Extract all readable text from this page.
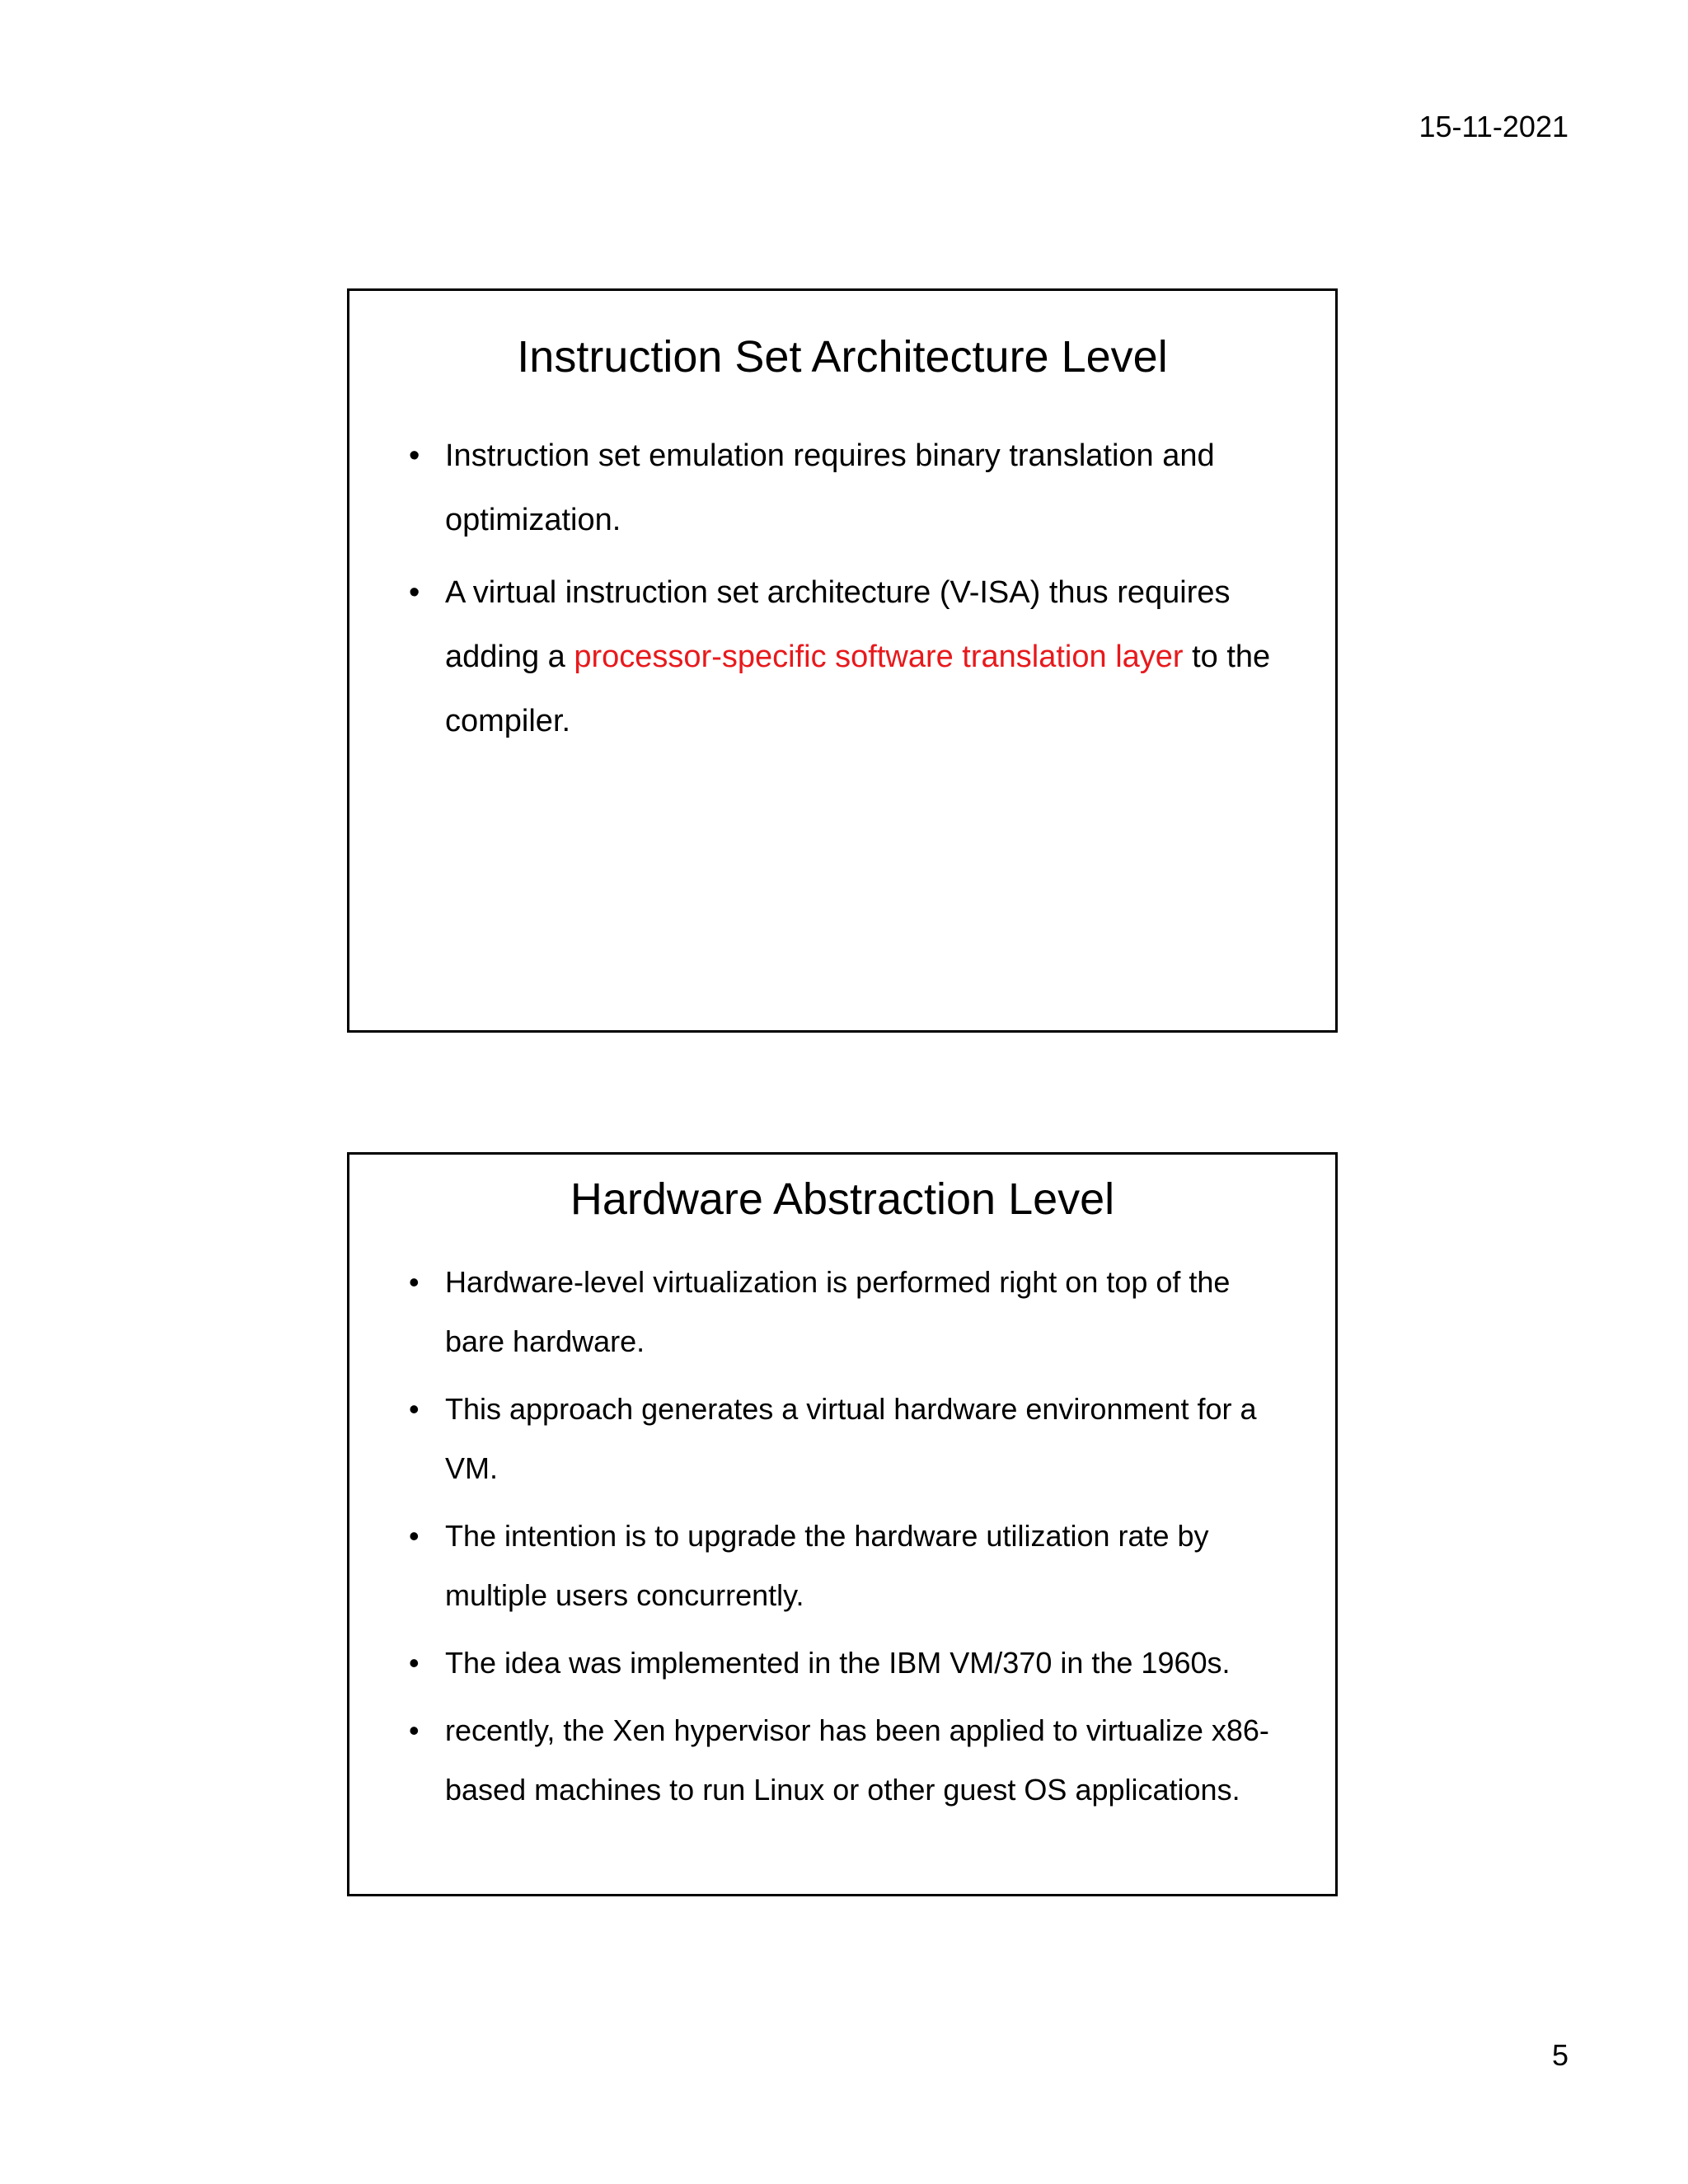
15-11-2021
Instruction Set Architecture Level
• Instruction set emulation requires binary translation and optimization.
• A virtual instruction set architecture (V-ISA) thus requires adding a processor-specific software translation layer to the compiler.
Hardware Abstraction Level
• Hardware-level virtualization is performed right on top of the bare hardware.
• This approach generates a virtual hardware environment for a VM.
• The intention is to upgrade the hardware utilization rate by multiple users concurrently.
• The idea was implemented in the IBM VM/370 in the 1960s.
• recently, the Xen hypervisor has been applied to virtualize x86-based machines to run Linux or other guest OS applications.
5
